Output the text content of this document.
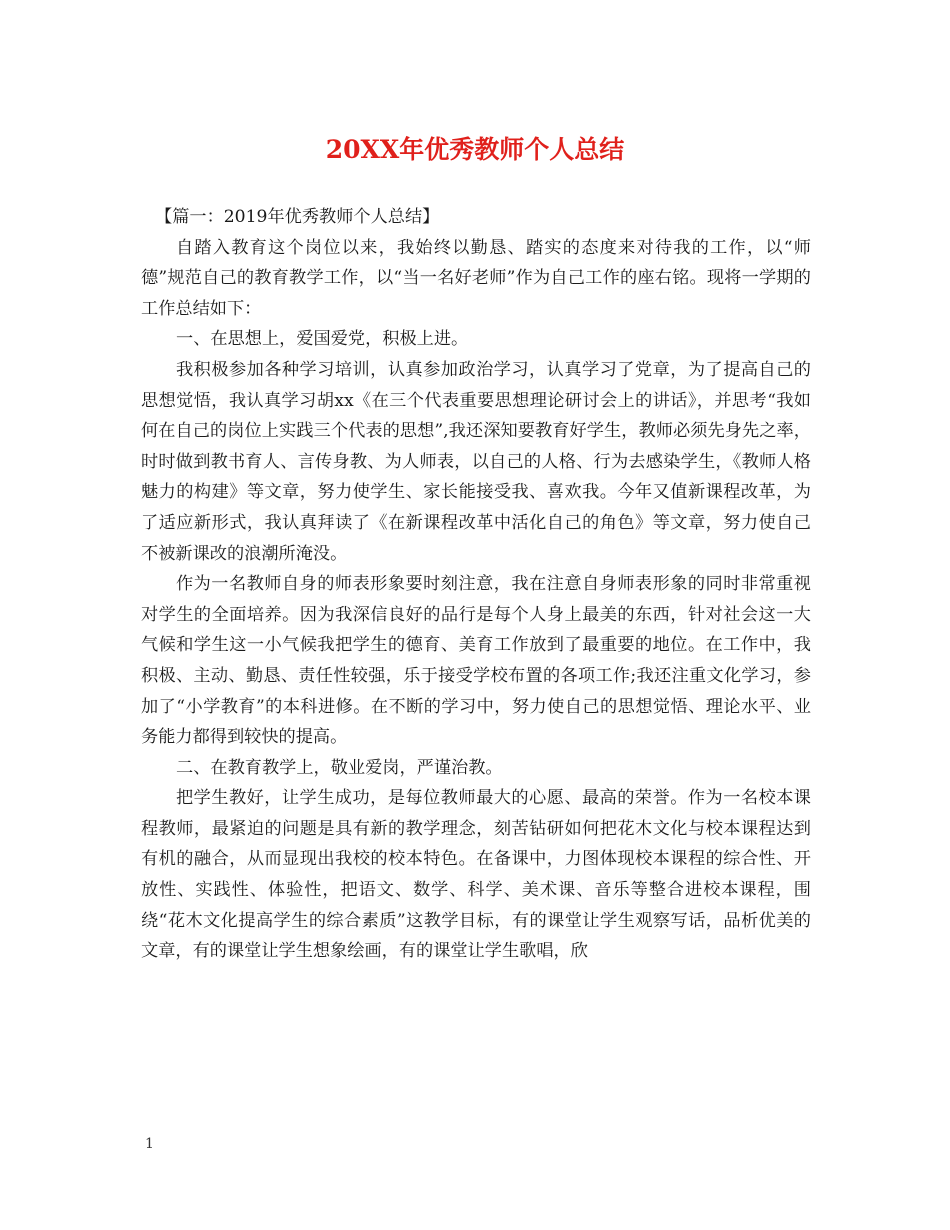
20XX年优秀教师个人总结

【篇一：2019年优秀教师个人总结】

自踏入教育这个岗位以来，我始终以勤恳、踏实的态度来对待我的工作，以“师德”规范自己的教育教学工作，以“当一名好老师”作为自己工作的座右铭。现将一学期的工作总结如下：

一、在思想上，爱国爱党，积极上进。

我积极参加各种学习培训，认真参加政治学习，认真学习了党章，为了提高自己的思想觉悟，我认真学习胡xx《在三个代表重要思想理论研讨会上的讲话》，并思考“我如何在自己的岗位上实践三个代表的思想”,我还深知要教育好学生，教师必须先身先之率，时时做到教书育人、言传身教、为人师表，以自己的人格、行为去感染学生，《教师人格魅力的构建》等文章，努力使学生、家长能接受我、喜欢我。今年又值新课程改革，为了适应新形式，我认真拜读了《在新课程改革中活化自己的角色》等文章，努力使自己不被新课改的浪潮所淹没。

作为一名教师自身的师表形象要时刻注意，我在注意自身师表形象的同时非常重视对学生的全面培养。因为我深信良好的品行是每个人身上最美的东西，针对社会这一大气候和学生这一小气候我把学生的德育、美育工作放到了最重要的地位。在工作中，我积极、主动、勤恳、责任性较强，乐于接受学校布置的各项工作;我还注重文化学习，参加了“小学教育”的本科进修。在不断的学习中，努力使自己的思想觉悟、理论水平、业务能力都得到较快的提高。

二、在教育教学上，敬业爱岗，严谨治教。

把学生教好，让学生成功，是每位教师最大的心愿、最高的荣誉。作为一名校本课程教师，最紧迫的问题是具有新的教学理念，刻苦钻研如何把花木文化与校本课程达到有机的融合，从而显现出我校的校本特色。在备课中，力图体现校本课程的综合性、开放性、实践性、体验性，把语文、数学、科学、美术课、音乐等整合进校本课程，围绕“花木文化提高学生的综合素质”这教学目标，有的课堂让学生观察写话，品析优美的文章，有的课堂让学生想象绘画，有的课堂让学生歌唱，欣

1
